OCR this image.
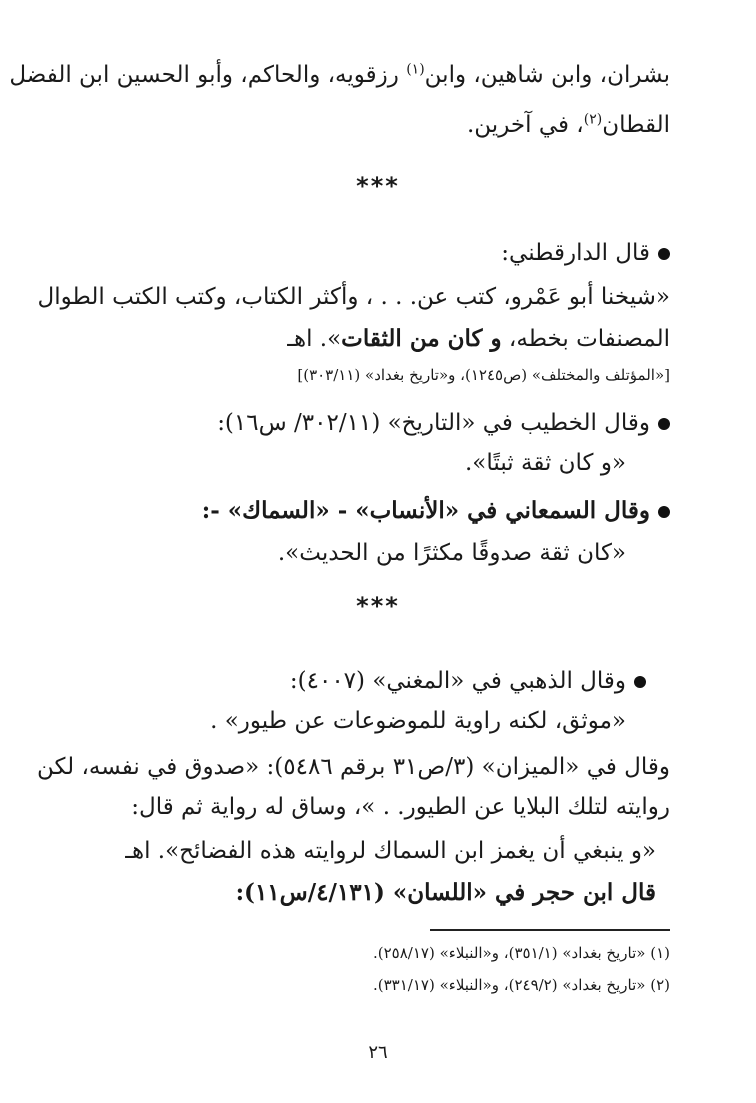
بشران، وابن شاهين، وابن$^{(١)}$ رزقويه، والحاكم، وأبو الحسين ابن الفضل
القطان$^{(٢)}$، في آخرين.
***
قال الدارقطني:
«شيخنا أبو عَمْرو، كتب عن. . . ، وأكثر الكتاب، وكتب الكتب الطوال
المصنفات بخطه، و كان من الثقات». اهـ
[«المؤتلف والمختلف» (ص١٢٤٥)، و«تاريخ بغداد» (٣٠٣/١١)]
وقال الخطيب في «التاريخ» (٣٠٢/١١/ س١٦):
«و كان ثقة ثبتًا».
وقال السمعاني في «الأنساب» - «السماك» -:
«كان ثقة صدوقًا مكثرًا من الحديث».
***
وقال الذهبي في «المغني» (٤٠٠٧):
«موثق، لكنه راوية للموضوعات عن طيور» .
وقال في «الميزان» (٣/ص٣١ برقم ٥٤٨٦): «صدوق في نفسه، لكن
روايته لتلك البلايا عن الطيور. . »، وساق له رواية ثم قال:
«و ينبغي أن يغمز ابن السماك لروايته هذه الفضائح». اهـ
قال ابن حجر في «اللسان» (٤/١٣١/س١١):
(١) «تاريخ بغداد» (٣٥١/١)، و«النبلاء» (٢٥٨/١٧).
(٢) «تاريخ بغداد» (٢٤٩/٢)، و«النبلاء» (٣٣١/١٧).
٢٦
